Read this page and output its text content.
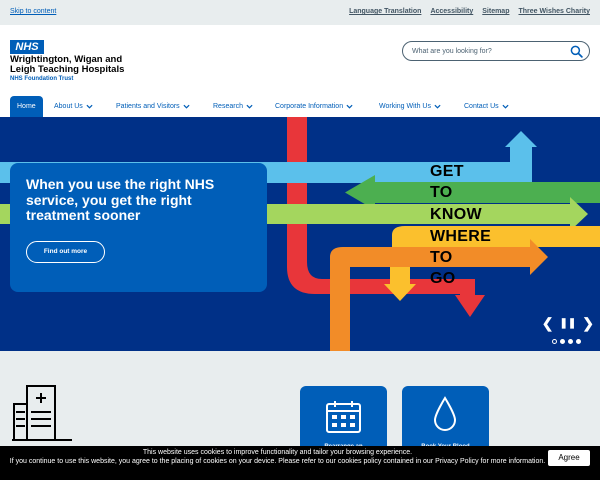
Skip to content	Language Translation Accessibility Sitemap Three Wishes Charity
NHS
Wrightington, Wigan and Leigh Teaching Hospitals
NHS Foundation Trust
What are you looking for?
Home	About Us	Patients and Visitors	Research	Corporate Information	Working With Us	Contact Us
When you use the right NHS service, you get the right treatment sooner
Find out more
GET
TO
KNOW
WHERE
TO
GO
❮ ❚❚ ❯

This website uses cookies to improve functionality and tailor your browsing experience.

If you continue to use this website, you agree to the placing of cookies on your device. Please refer to our cookies policy contained in our Privacy Policy for more information.	Agree
